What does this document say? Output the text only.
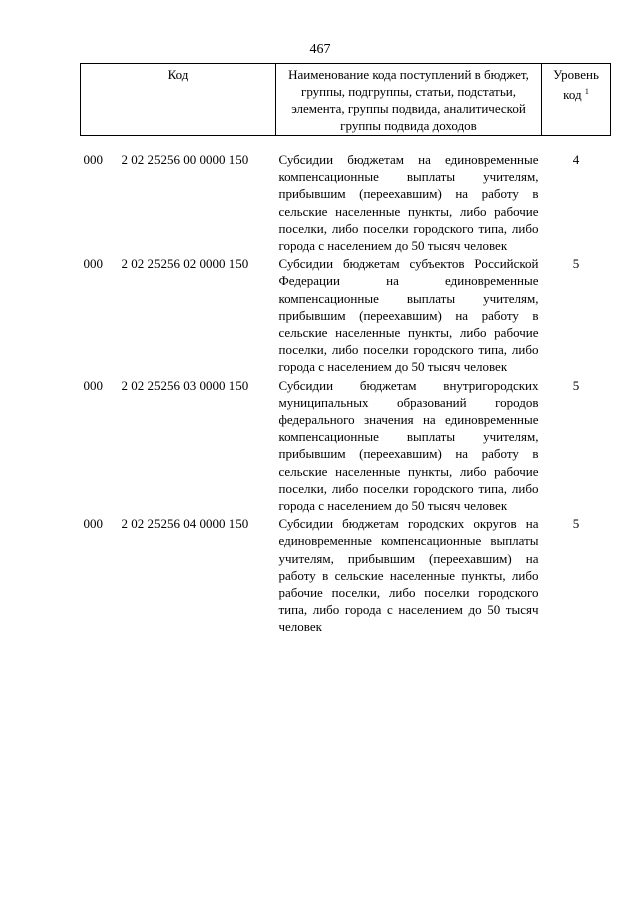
467
Код	Наименование кода поступлений в бюджет, группы, подгруппы, статьи, подстатьи, элемента, группы подвида, аналитической группы подвида доходов	Уровень код $^1$

000 2 02 25256 00 0000 150	Субсидии бюджетам на единовременные компенсационные выплаты учителям, прибывшим (переехавшим) на работу в сельские населенные пункты, либо рабочие поселки, либо поселки городского типа, либо города с населением до 50 тысяч человек	4
000 2 02 25256 02 0000 150	Субсидии бюджетам субъектов Российской Федерации на единовременные компенсационные выплаты учителям, прибывшим (переехавшим) на работу в сельские населенные пункты, либо рабочие поселки, либо поселки городского типа, либо города с населением до 50 тысяч человек	5
000 2 02 25256 03 0000 150	Субсидии бюджетам внутригородских муниципальных образований городов федерального значения на единовременные компенсационные выплаты учителям, прибывшим (переехавшим) на работу в сельские населенные пункты, либо рабочие поселки, либо поселки городского типа, либо города с населением до 50 тысяч человек	5
000 2 02 25256 04 0000 150	Субсидии бюджетам городских округов на единовременные компенсационные выплаты учителям, прибывшим (переехавшим) на работу в сельские населенные пункты, либо рабочие поселки, либо поселки городского типа, либо города с населением до 50 тысяч человек	5
